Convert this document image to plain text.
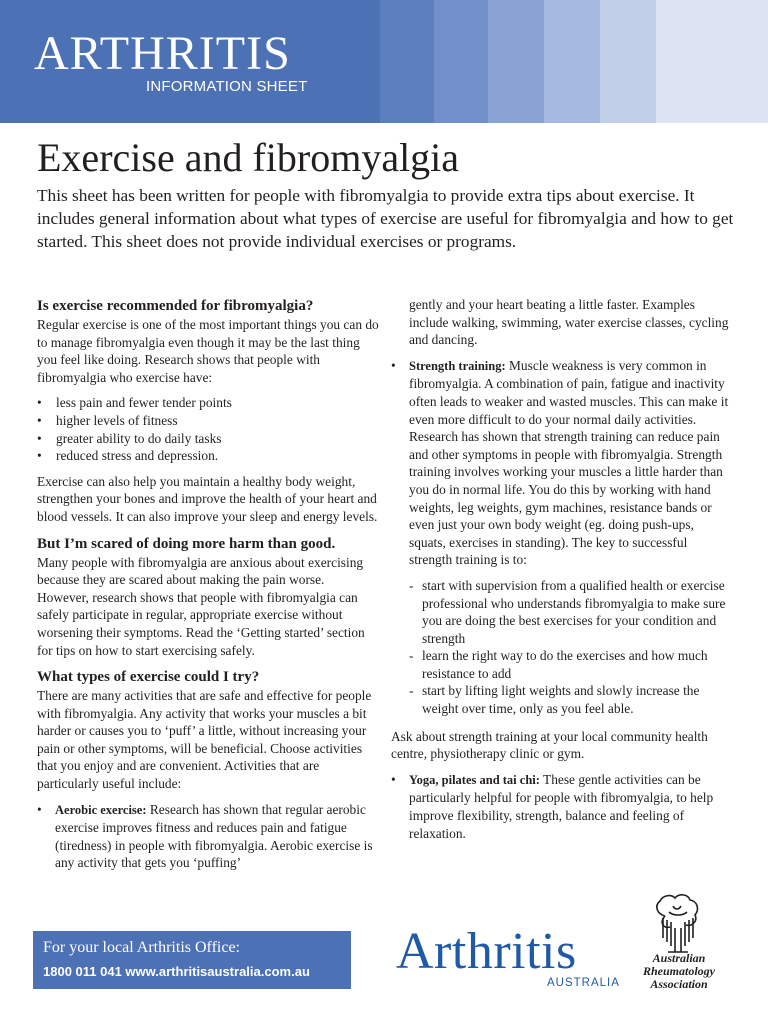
ARTHRITIS
INFORMATION SHEET
Exercise and fibromyalgia

This sheet has been written for people with fibromyalgia to provide extra tips about exercise. It includes general information about what types of exercise are useful for fibromyalgia and how to get started. This sheet does not provide individual exercises or programs.

Is exercise recommended for fibromyalgia?

Regular exercise is one of the most important things you can do to manage fibromyalgia even though it may be the last thing you feel like doing. Research shows that people with fibromyalgia who exercise have:

• less pain and fewer tender points
• higher levels of fitness
• greater ability to do daily tasks
• reduced stress and depression.

Exercise can also help you maintain a healthy body weight, strengthen your bones and improve the health of your heart and blood vessels. It can also improve your sleep and energy levels.

But I’m scared of doing more harm than good.

Many people with fibromyalgia are anxious about exercising because they are scared about making the pain worse. However, research shows that people with fibromyalgia can safely participate in regular, appropriate exercise without worsening their symptoms. Read the ‘Getting started’ section for tips on how to start exercising safely.

What types of exercise could I try?

There are many activities that are safe and effective for people with fibromyalgia. Any activity that works your muscles a bit harder or causes you to ‘puff’ a little, without increasing your pain or other symptoms, will be beneficial. Choose activities that you enjoy and are convenient. Activities that are particularly useful include:

• Aerobic exercise: Research has shown that regular aerobic exercise improves fitness and reduces pain and fatigue (tiredness) in people with fibromyalgia. Aerobic exercise is any activity that gets you ‘puffing’
gently and your heart beating a little faster. Examples include walking, swimming, water exercise classes, cycling and dancing.
• Strength training: Muscle weakness is very common in fibromyalgia. A combination of pain, fatigue and inactivity often leads to weaker and wasted muscles. This can make it even more difficult to do your normal daily activities. Research has shown that strength training can reduce pain and other symptoms in people with fibromyalgia. Strength training involves working your muscles a little harder than you do in normal life. You do this by working with hand weights, leg weights, gym machines, resistance bands or even just your own body weight (eg. doing push-ups, squats, exercises in standing). The key to successful strength training is to:
- start with supervision from a qualified health or exercise professional who understands fibromyalgia to make sure you are doing the best exercises for your condition and strength
- learn the right way to do the exercises and how much resistance to add
- start by lifting light weights and slowly increase the weight over time, only as you feel able.

Ask about strength training at your local community health centre, physiotherapy clinic or gym.

• Yoga, pilates and tai chi: These gentle activities can be particularly helpful for people with fibromyalgia, to help improve flexibility, strength, balance and feeling of relaxation.
For your local Arthritis Office:
1800 011 041 www.arthritisaustralia.com.au Arthritis
AUSTRALIA
Australian
Rheumatology
Association
